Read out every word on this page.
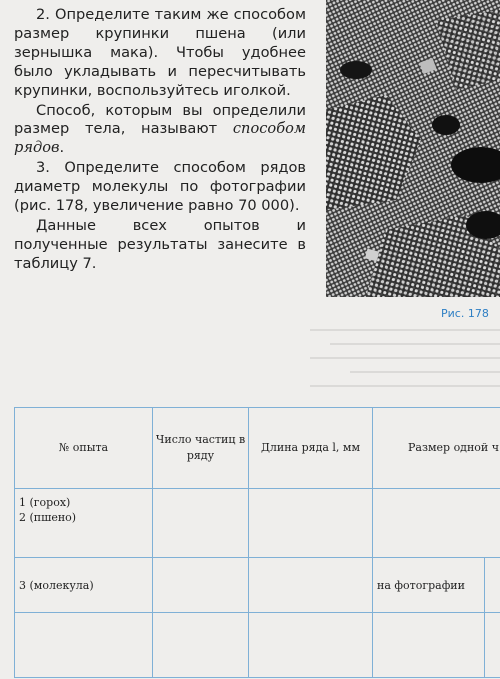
2. Определите таким же способом размер крупинки пшена (или зернышка мака). Чтобы удобнее было укладывать и пересчитывать крупинки, воспользуйтесь иголкой.

Способ, которым вы определили размер тела, называют способом рядов.

3. Определите способом рядов диаметр молекулы по фотографии (рис. 178, увеличение равно 70 000).

Данные всех опытов и полученные результаты занесите в таблицу 7.

Рис. 178
№ опыта	Число частиц в ряду	Длина ряда l, мм	Размер одной ч	

1 (горох)
2 (пшено)				

3 (молекула)			на фотографии	
